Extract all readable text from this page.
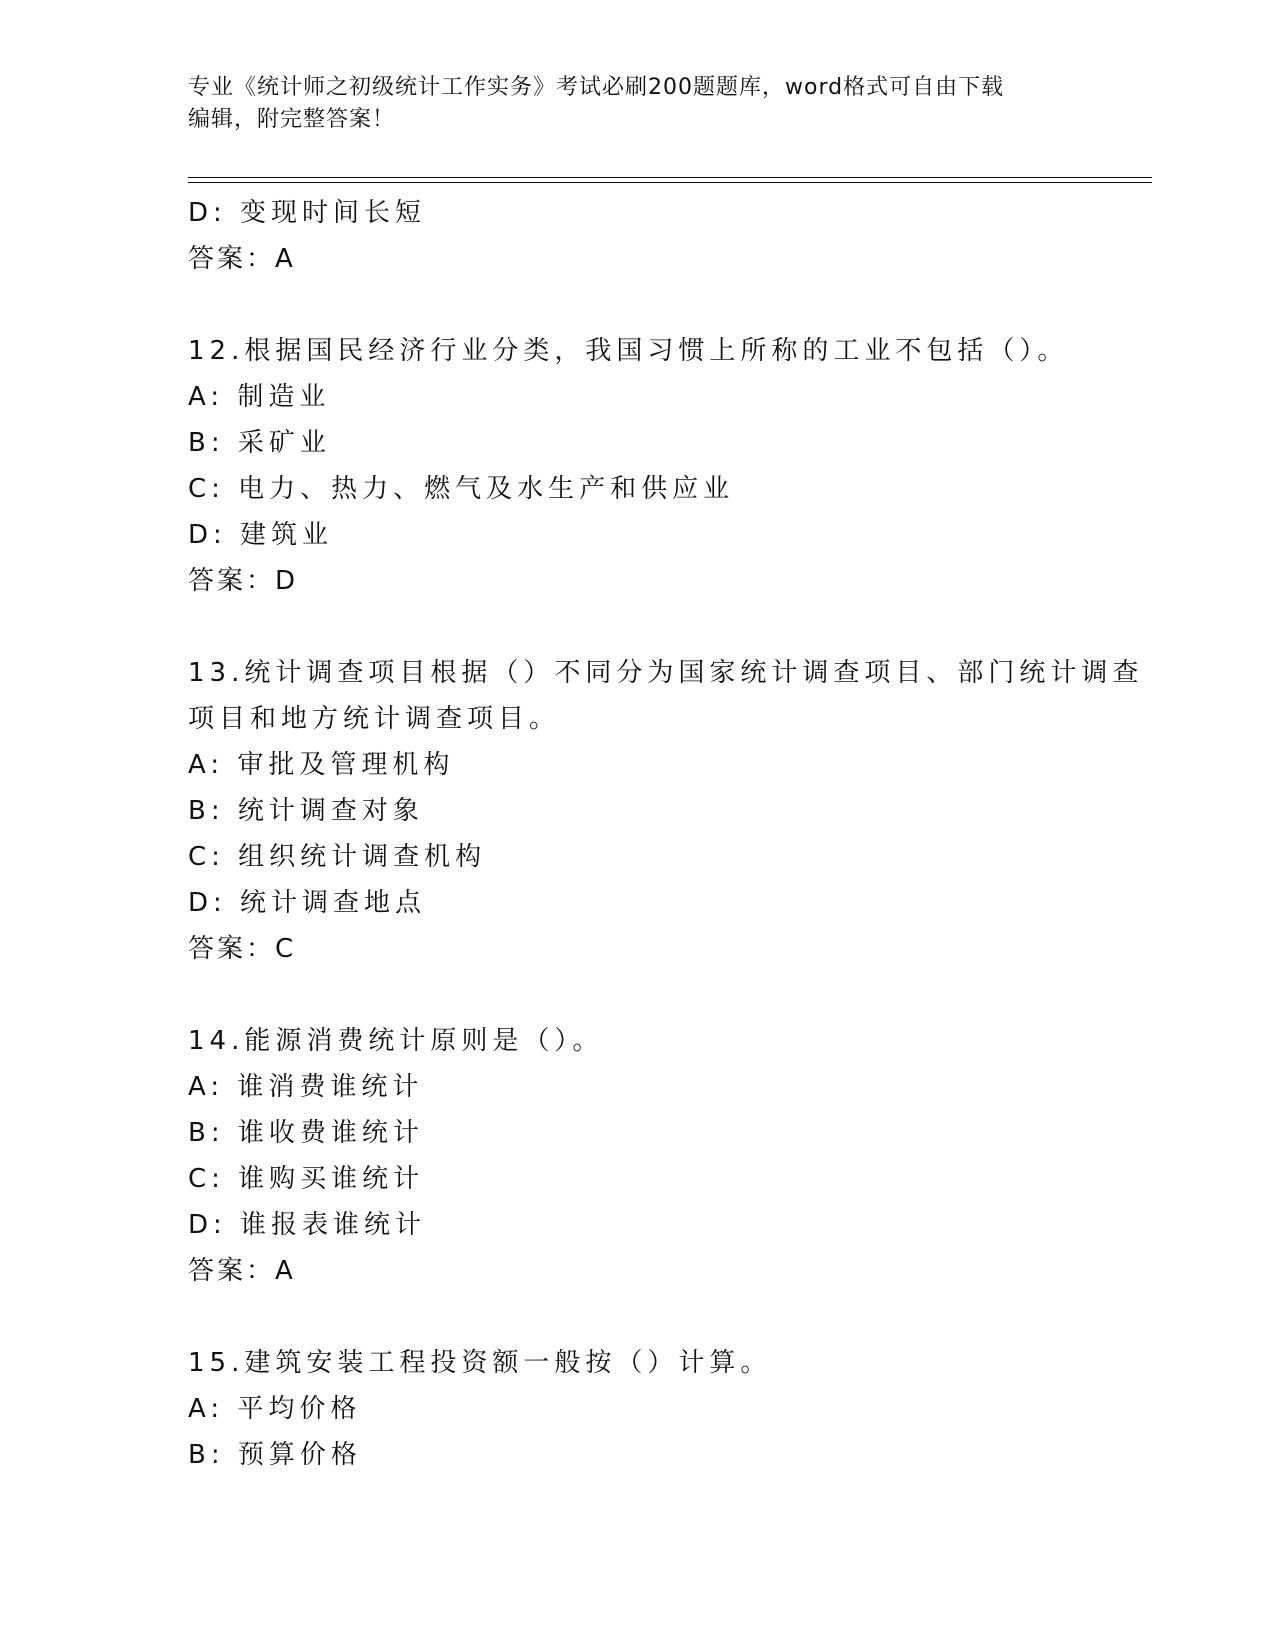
专业《统计师之初级统计工作实务》考试必刷200题题库，word格式可自由下载
编辑，附完整答案！
D: 变现时间长短
答案：A
12.根据国民经济行业分类，我国习惯上所称的工业不包括（）。
A: 制造业
B: 采矿业
C: 电力、热力、燃气及水生产和供应业
D: 建筑业
答案：D
13.统计调查项目根据（）不同分为国家统计调查项目、部门统计调查
项目和地方统计调查项目。
A: 审批及管理机构
B: 统计调查对象
C: 组织统计调查机构
D: 统计调查地点
答案：C
14.能源消费统计原则是（）。
A: 谁消费谁统计
B: 谁收费谁统计
C: 谁购买谁统计
D: 谁报表谁统计
答案：A
15.建筑安装工程投资额一般按（）计算。
A: 平均价格
B: 预算价格
